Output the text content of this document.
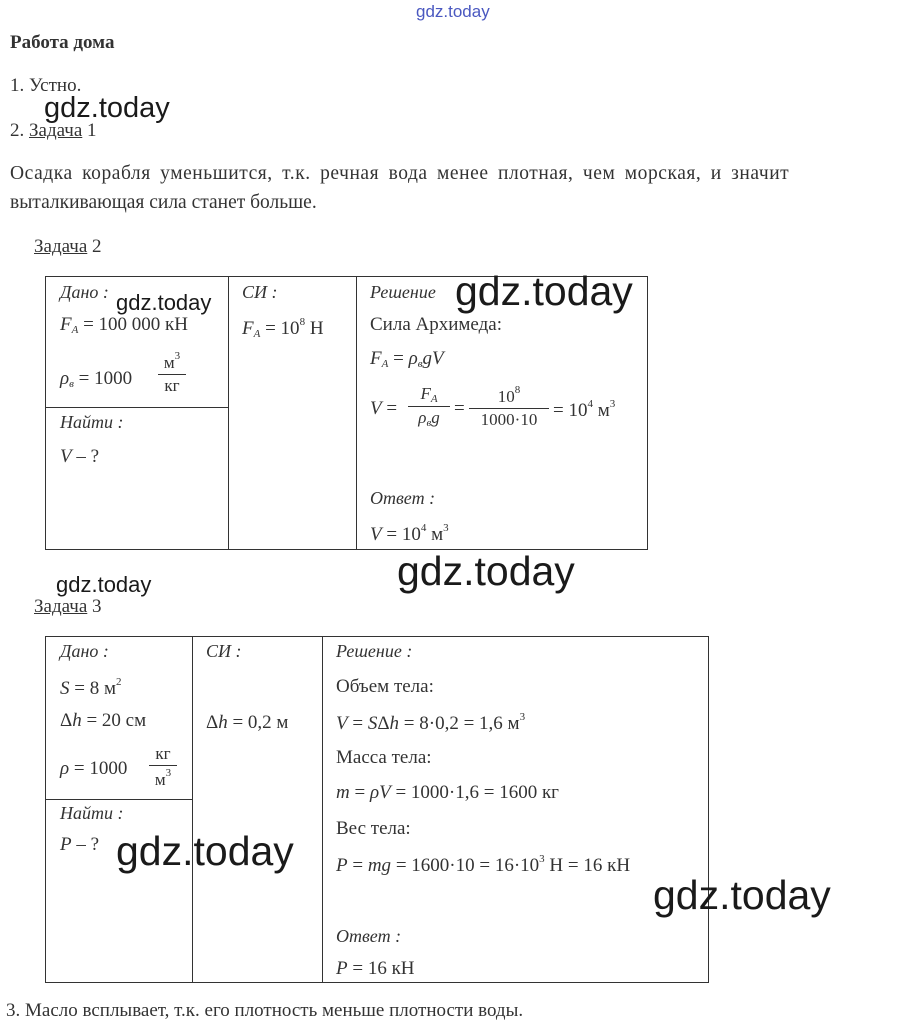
gdz.today
Работа дома
1. Устно.
gdz.today
2. Задача 1
Осадка корабля уменьшится, т.к. речная вода менее плотная, чем морская, и значит
выталкивающая сила станет больше.
Задача 2
Дано :
$F_A = 100$ 000 кН
$\rho_в = 1000$
$м^3$
кг
Найти :
V – ?
СИ :
$F_A = 10^8$ Н
Решение
Сила Архимеда:
$F_A = \rho_вgV$
V =
$F_A$
$\rho_вg$ =
$10^8$
$1000\cdot 10 = 10^4$ $м^3$
Ответ :
$V = 10^4$ $м^3$
gdz.today	gdz.today
gdz.today
gdz.today
Задача 3
Дано :
S = 8 $м^2$
Δh = 20 см
ρ = 1000
кг
$м^3$
Найти :
P – ?
СИ :
Δh = 0,2 м
Решение :
Объем тела:
V = SΔh = 8·0,2 = 1,6 $м^3$
Масса тела:
m = ρV = 1000·1,6 = 1600 кг
Вес тела:
P = mg = $1600\cdot 10 = 16\cdot 10^3$ Н = 16 кН
Ответ :
P = 16 кН
gdz.today
gdz.today
3. Масло всплывает, т.к. его плотность меньше плотности воды.
